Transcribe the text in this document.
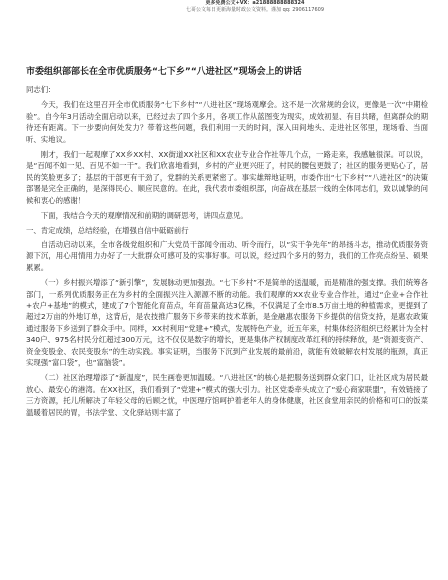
更多免费公文+VX：a21888888888324
七哥公文每日更新海量时政公文资料。谨加 qq: 2906117609
市委组织部部长在全市优质服务“七下乡”“八进社区”现场会上的讲话

同志们:

今天，我们在这里召开全市优质服务“七下乡村”“八进社区”现场观摩会。这不是一次常规的会议，更像是一次“中期检验”。自今年3月活动全面启动以来，已经过去了四个多月，各项工作从蓝图变为现实，成效初显、有目共睹，但离群众的期待还有距离。下一步要向何处发力？带着这些问题，我们利用一天的时间，深入田间地头、走进社区邻里，现场看、当面听、实地议。

刚才，我们一起观摩了XX乡XX村、XX街道XX社区和XX农业专业合作社等几个点，一路走来，我感触很深。可以说，是“百闻不如一见、百见不如一干”。我们欣喜地看到，乡村的产业更兴旺了，村民的腰包更鼓了；社区的服务更贴心了，居民的笑脸更多了；基层的干部更有干劲了，党群的关系更紧密了。事实雄辩地证明，市委作出“七下乡村”“八进社区”的决策部署是完全正确的，是深得民心、顺应民意的。在此，我代表市委组织部，向奋战在基层一线的全体同志们，致以诚挚的问候和衷心的感谢！

下面，我结合今天的观摩情况和前期的调研思考，讲四点意见。

一、肯定成绩，总结经验，在增强自信中砥砺前行

自活动启动以来，全市各级党组织和广大党员干部闻令而动、听令而行，以“实干争先年”的昂扬斗志，推动优质服务资源下沉，用心用情用力办好了一大批群众可感可及的实事好事。可以说，经过四个多月的努力，我们的工作亮点纷呈、硕果累累。

（一）乡村振兴增添了“新引擎”，发展脉动更加强劲。“七下乡村”不是简单的送温暖，而是精准的强支撑。我们统筹各部门，一系列优质服务正在为乡村的全面振兴注入源源不断的动能。我们观摩的XX农业专业合作社，通过“企业+合作社+农户+基地”的模式，建成了7个智能化育苗点，年育苗量高达3亿株，不仅满足了全市8.5万亩土地的种植需求，更提到了超过2万亩的外地订单，这背后，是农技推广服务下乡带来的技术革新，是金融惠农服务下乡提供的信贷支持，是惠农政策通过服务下乡送到了群众手中。同样，XX村利用“党建+”模式，发展特色产业，近五年来，村集体经济组织已经累计为全村340户、975名村民分红超过300万元，这不仅仅是数字的增长，更是集体产权制度改革红利的持续释放，是“资源变资产、资金变股金、农民变股东”的生动实践。事实证明，当服务下沉到产业发展的最前沿，就能有效破解农村发展的瓶颈，真正实现强“富口袋”，也“富脑袋”。

（二）社区治理增添了“新温度”，民生画卷更加温暖。“八进社区”的核心是把服务送到群众家门口，让社区成为居民最放心、最安心的港湾。在XX社区，我们看到了“党建+”模式的强大引力。社区党委牵头成立了“爱心商家联盟”，有效链接了三方资源，托儿所解决了年轻父母的后顾之忧，中医理疗馆呵护着老年人的身体健康，社区食堂用亲民的价格和可口的饭菜温暖着居民的胃，书法学堂、文化驿站则丰富了
